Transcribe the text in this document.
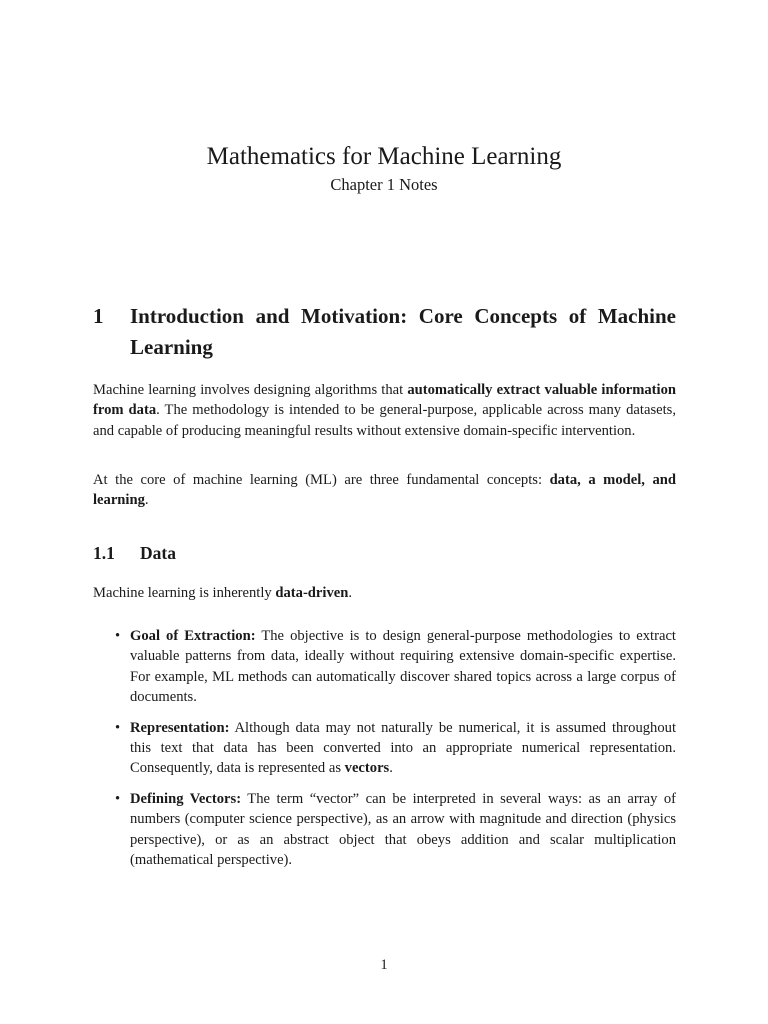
Mathematics for Machine Learning
Chapter 1 Notes
1	Introduction and Motivation: Core Concepts of Machine Learning

Machine learning involves designing algorithms that automatically extract valuable information from data. The methodology is intended to be general-purpose, applicable across many datasets, and capable of producing meaningful results without extensive domain-specific intervention.

At the core of machine learning (ML) are three fundamental concepts: data, a model, and learning.

1.1	Data

Machine learning is inherently data-driven.

• Goal of Extraction: The objective is to design general-purpose methodologies to extract valuable patterns from data, ideally without requiring extensive domain-specific expertise. For example, ML methods can automatically discover shared topics across a large corpus of documents.
• Representation: Although data may not naturally be numerical, it is assumed throughout this text that data has been converted into an appropriate numerical representation. Consequently, data is represented as vectors.
• Defining Vectors: The term “vector” can be interpreted in several ways: as an array of numbers (computer science perspective), as an arrow with magnitude and direction (physics perspective), or as an abstract object that obeys addition and scalar multiplication (mathematical perspective).
1
